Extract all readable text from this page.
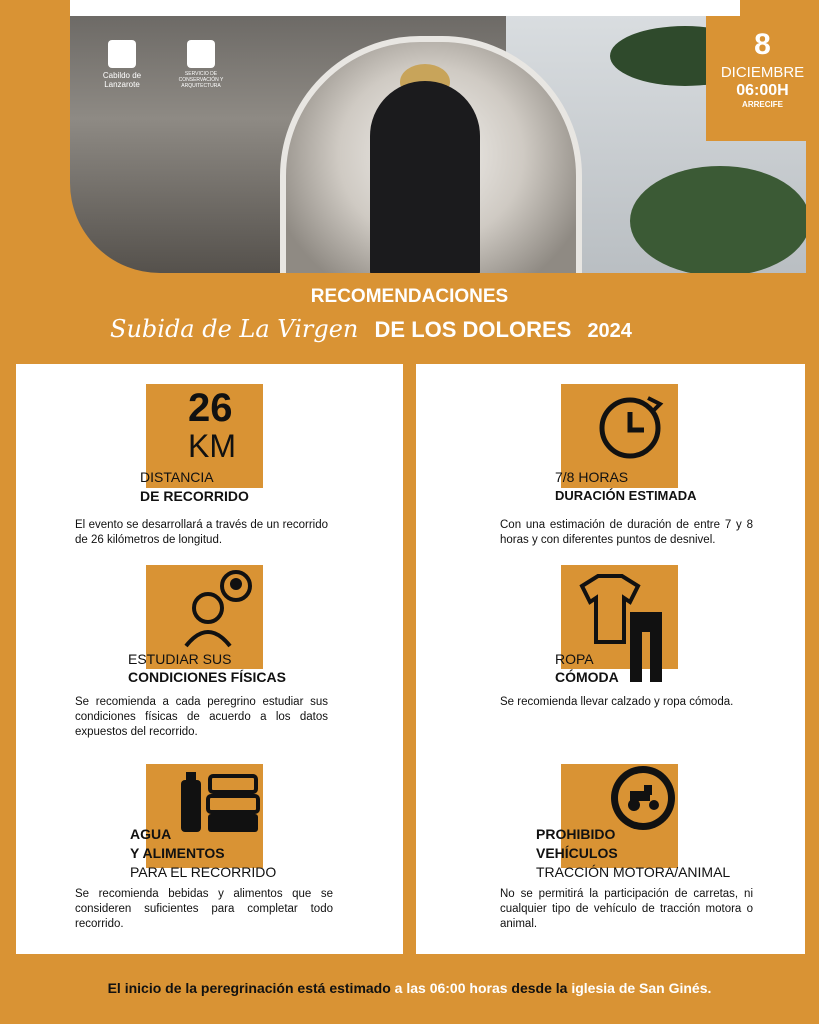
Cabildo de Lanzarote
SERVICIO DE CONSERVACIÓN Y ARQUITECTURA
8
DICIEMBRE
06:00H
ARRECIFE
RECOMENDACIONES
Subida de La Virgen DE LOS DOLORES 2024
26
KM
DISTANCIA
DE RECORRIDO
El evento se desarrollará a través de un recorrido de 26 kilómetros de longitud.
7/8 HORAS
DURACIÓN ESTIMADA
Con una estimación de duración de entre 7 y 8 horas y con diferentes puntos de desnivel.
ESTUDIAR SUS
CONDICIONES FÍSICAS
Se recomienda a cada peregrino estudiar sus condiciones físicas de acuerdo a los datos expuestos del recorrido.
ROPA
CÓMODA
Se recomienda llevar calzado y ropa cómoda.
AGUA
Y ALIMENTOS
PARA EL RECORRIDO
Se recomienda bebidas y alimentos que se consideren suficientes para completar todo recorrido.
PROHIBIDO
VEHÍCULOS
TRACCIÓN MOTORA/ANIMAL
No se permitirá la participación de carretas, ni cualquier tipo de vehículo de tracción motora o animal.
El inicio de la peregrinación está estimado a las 06:00 horas desde la iglesia de San Ginés.
